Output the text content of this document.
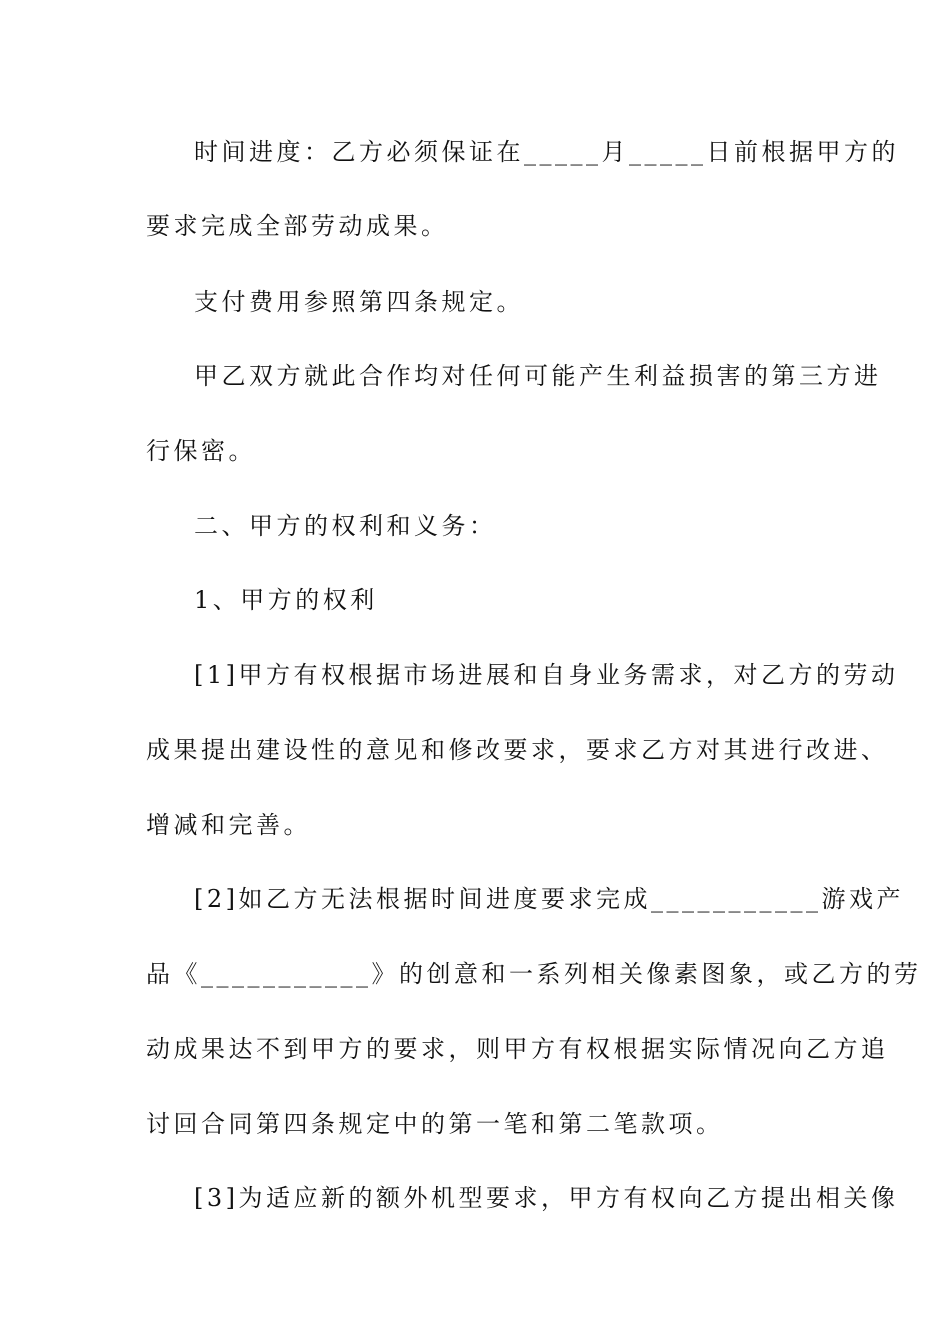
时间进度：乙方必须保证在_____月_____日前根据甲方的
要求完成全部劳动成果。
支付费用参照第四条规定。
甲乙双方就此合作均对任何可能产生利益损害的第三方进
行保密。
二、甲方的权利和义务：
1、甲方的权利
[1]甲方有权根据市场进展和自身业务需求，对乙方的劳动
成果提出建设性的意见和修改要求，要求乙方对其进行改进、
增减和完善。
[2]如乙方无法根据时间进度要求完成___________游戏产
品《___________》的创意和一系列相关像素图象，或乙方的劳
动成果达不到甲方的要求，则甲方有权根据实际情况向乙方追
讨回合同第四条规定中的第一笔和第二笔款项。
[3]为适应新的额外机型要求，甲方有权向乙方提出相关像
